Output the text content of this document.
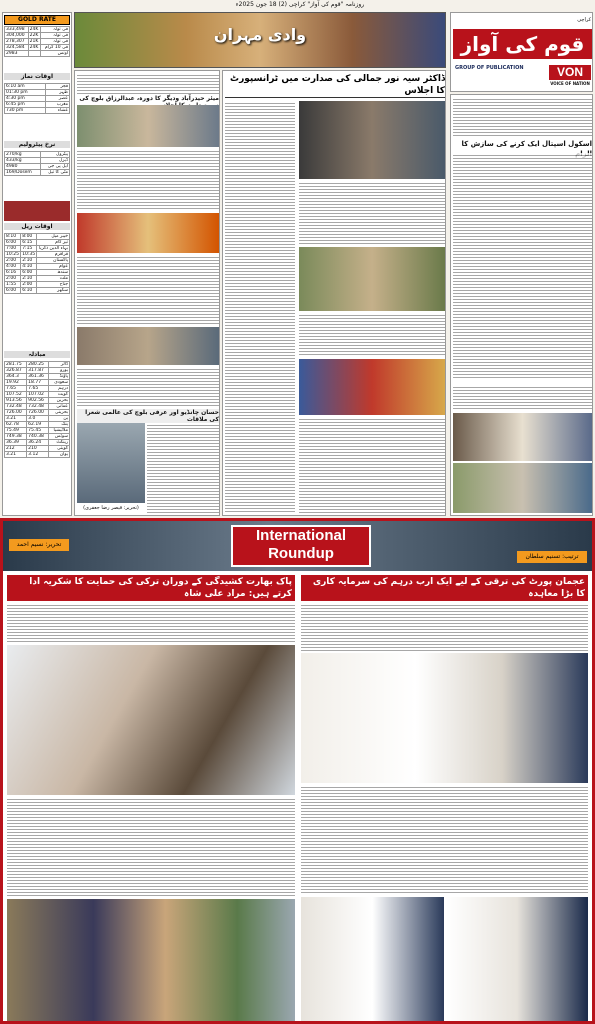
GOLD RATE
333,498	24K	فی تولہ
304,000	22K	فی تولہ
278,307	21K	فی تولہ
324,584	24K	فی 10 گرام
2983		اونس
اوقات نماز
6:10 am	فجر
01:30 pm	ظہر
4:30 pm	عصر
6:45 pm	مغرب
730 pm	عشاء
نرخ پیٹرولیم
270/kg	پیٹرول
433/kg	ڈیزل
4980	ایل پی جی
169/Dosem	مٹی کا تیل
اوقات ریل
8:10	8:00	خیبر میل
6:00	6:15	تیز گام
7:00	7:15	بہاء الدین ذکریا
10:25	10:35	قراقرم
2:00	2:10	پاکستان
4:00	4:10	عوام
6:16	6:00	سندھ
2:00	2:10	ملت
1:55	2:00	جناح
6:00	6:10	سکھر
مبادلہ
281.75	280.25	ڈالر
326.87	317.87	یورو
364.3	361.36	پاؤنڈ
19.92	18.77	سعودی
7.65	7.65	درہم
107.52	107.02	کویت
913.56	902.56	بحرین
732.48	732.48	عمانی
726.00	726.00	بحرینی
3.21	3.0	ین
62.78	62.19	ینگ
75.49	75.45	ملائیشیا
749.38	740.38	سوئس
36.39	36.24	رینگٹ
212	210	کویتی
3.21	3.12	یوآن
وادی مہران
روزنامہ "قوم کی آواز" کراچی (2) 18 جون 2025ء
قوم کی آواز
کراچی
VON
VOICE OF NATION
GROUP OF PUBLICATION
میئر حیدرآباد ودیگر کا دورہ، عبدالرزاق بلوچ کی
حسان چانڈیو اور عرفی بلوچ کی عالمی شعرا کی ملاقات
(تحریر: قیصر رضا جعفری)
ڈاکٹر سیہ نور جمالی کی صدارت میں ٹرانسپورٹ کا اجلاس
اسکول اسپتال ایک کرنے کی سازش کا
International
Roundup
تحریر: نسیم احمد
ترتیب: تسنیم سلطان
پاک بھارت کشیدگی کے دوران ترکی کی حمایت کا شکریہ ادا کرتے ہیں: مراد علی شاہ
عجمان پورٹ کی ترقی کے لیے ایک ارب درہم کی سرمایہ کاری کا بڑا معاہدہ
